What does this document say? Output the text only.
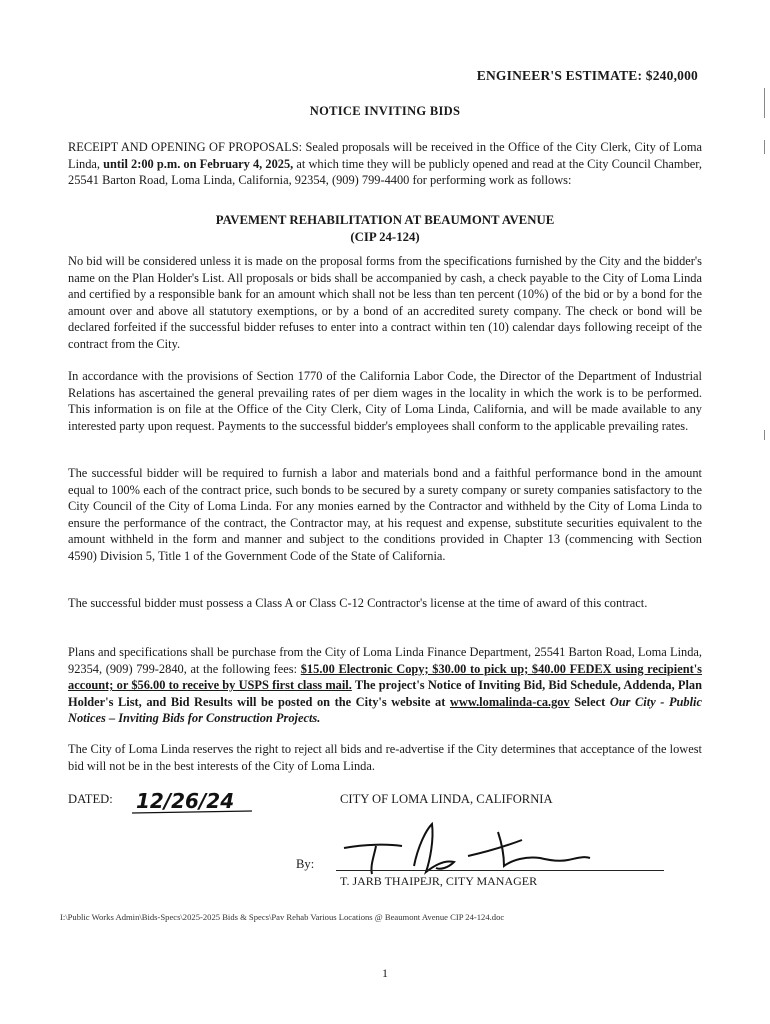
ENGINEER'S ESTIMATE: $240,000
NOTICE INVITING BIDS
RECEIPT AND OPENING OF PROPOSALS: Sealed proposals will be received in the Office of the City Clerk, City of Loma Linda, until 2:00 p.m. on February 4, 2025, at which time they will be publicly opened and read at the City Council Chamber, 25541 Barton Road, Loma Linda, California, 92354, (909) 799-4400 for performing work as follows:
PAVEMENT REHABILITATION AT BEAUMONT AVENUE
(CIP 24-124)
No bid will be considered unless it is made on the proposal forms from the specifications furnished by the City and the bidder's name on the Plan Holder's List. All proposals or bids shall be accompanied by cash, a check payable to the City of Loma Linda and certified by a responsible bank for an amount which shall not be less than ten percent (10%) of the bid or by a bond for the amount over and above all statutory exemptions, or by a bond of an accredited surety company. The check or bond will be declared forfeited if the successful bidder refuses to enter into a contract within ten (10) calendar days following receipt of the contract from the City.
In accordance with the provisions of Section 1770 of the California Labor Code, the Director of the Department of Industrial Relations has ascertained the general prevailing rates of per diem wages in the locality in which the work is to be performed. This information is on file at the Office of the City Clerk, City of Loma Linda, California, and will be made available to any interested party upon request. Payments to the successful bidder's employees shall conform to the applicable prevailing rates.
The successful bidder will be required to furnish a labor and materials bond and a faithful performance bond in the amount equal to 100% each of the contract price, such bonds to be secured by a surety company or surety companies satisfactory to the City Council of the City of Loma Linda. For any monies earned by the Contractor and withheld by the City of Loma Linda to ensure the performance of the contract, the Contractor may, at his request and expense, substitute securities equivalent to the amount withheld in the form and manner and subject to the conditions provided in Chapter 13 (commencing with Section 4590) Division 5, Title 1 of the Government Code of the State of California.
The successful bidder must possess a Class A or Class C-12 Contractor's license at the time of award of this contract.
Plans and specifications shall be purchase from the City of Loma Linda Finance Department, 25541 Barton Road, Loma Linda, 92354, (909) 799-2840, at the following fees: $15.00 Electronic Copy; $30.00 to pick up; $40.00 FEDEX using recipient's account; or $56.00 to receive by USPS first class mail. The project's Notice of Inviting Bid, Bid Schedule, Addenda, Plan Holder's List, and Bid Results will be posted on the City's website at www.lomalinda-ca.gov Select Our City - Public Notices – Inviting Bids for Construction Projects.
The City of Loma Linda reserves the right to reject all bids and re-advertise if the City determines that acceptance of the lowest bid will not be in the best interests of the City of Loma Linda.
DATED: 12/26/24	CITY OF LOMA LINDA, CALIFORNIA
By:
T. JARB THAIPEJR, CITY MANAGER
I:\Public Works Admin\Bids-Specs\2025-2025 Bids & Specs\Pav Rehab Various Locations @ Beaumont Avenue CIP 24-124.doc
1
